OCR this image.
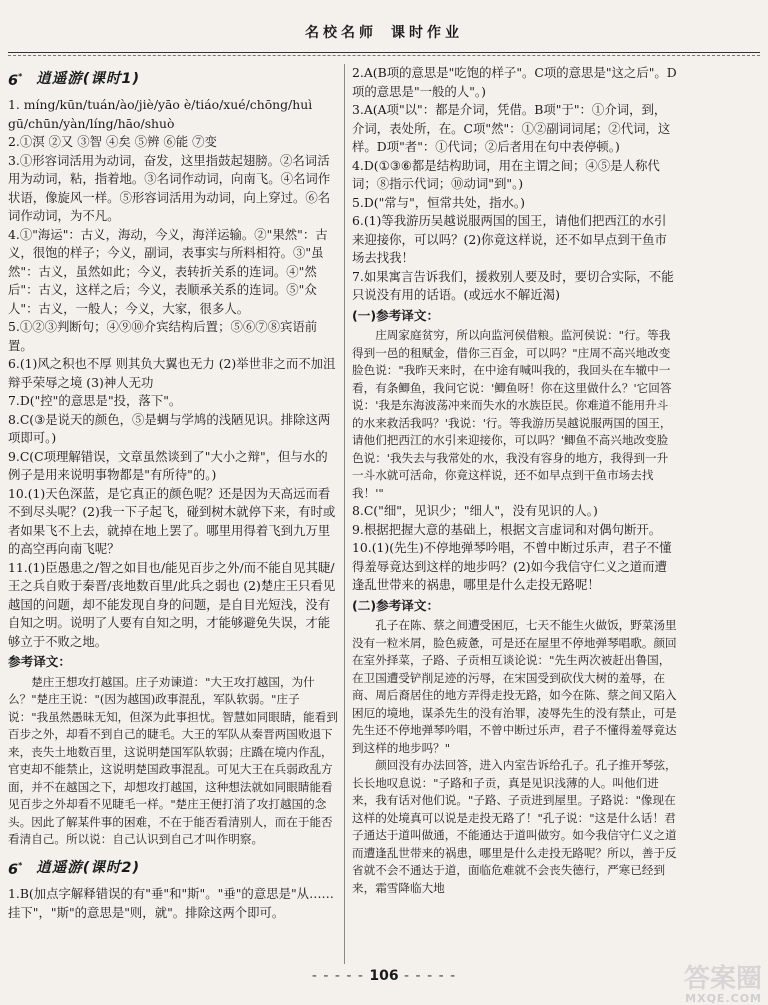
名校名师 课时作业
6* 逍遥游(课时1)

1. míng/kūn/tuán/ào/jiè/yāo è/tiáo/xué/chōng/huì gū/chūn/yàn/líng/hāo/shuò

2.①溟 ②又 ③智 ④矣 ⑤辨 ⑥能 ⑦变

3.①形容词活用为动词，奋发，这里指鼓起翅膀。②名词活用为动词，粘，指着地。③名词作动词，向南飞。④名词作状语，像旋风一样。⑤形容词活用为动词，向上穿过。⑥名词作动词，为不凡。

4.①"海运"：古义，海动，今义，海洋运输。②"果然"：古义，很饱的样子；今义，副词，表事实与所料相符。③"虽然"：古义，虽然如此；今义，表转折关系的连词。④"然后"：古义，这样之后；今义，表顺承关系的连词。⑤"众人"：古义，一般人；今义，大家，很多人。

5.①②③判断句；④⑨⑩介宾结构后置；⑤⑥⑦⑧宾语前置。

6.(1)风之积也不厚 则其负大翼也无力 (2)举世非之而不加沮 辩乎荣辱之境 (3)神人无功

7.D("控"的意思是"投，落下"。

8.C(③是说天的颜色，⑤是蜩与学鸠的浅陋见识。排除这两项即可。)

9.C(C项理解错误，文章虽然谈到了"大小之辩"，但与水的例子是用来说明事物都是"有所待"的。)

10.(1)天色深蓝，是它真正的颜色呢？还是因为天高远而看不到尽头呢？(2)我一下子起飞，碰到树木就停下来，有时或者如果飞不上去，就掉在地上罢了。哪里用得着飞到九万里的高空再向南飞呢？

11.(1)臣愚患之/智之如目也/能见百步之外/而不能自见其睫/王之兵自败于秦晋/丧地数百里/此兵之弱也 (2)楚庄王只看见越国的问题，却不能发现自身的问题，是自目光短浅，没有自知之明。说明了人要有自知之明，才能够避免失误，才能够立于不败之地。

参考译文：

楚庄王想攻打越国。庄子劝谏道："大王攻打越国，为什么？"楚庄王说："(因为越国)政事混乱，军队软弱。"庄子说："我虽然愚昧无知，但深为此事担忧。智慧如同眼睛，能看到百步之外，却看不到自己的睫毛。大王的军队从秦晋两国败退下来，丧失土地数百里，这说明楚国军队软弱；庄蹻在境内作乱，官吏却不能禁止，这说明楚国政事混乱。可见大王在兵弱政乱方面，并不在越国之下，却想攻打越国，这种想法就如同眼睛能看见百步之外却看不见睫毛一样。"楚庄王便打消了攻打越国的念头。因此了解某件事的困难，不在于能否看清别人，而在于能否看清自己。所以说：自己认识到自己才叫作明察。

6* 逍遥游(课时2)

1.B(加点字解释错误的有"垂"和"斯"。"垂"的意思是"从……挂下"，"斯"的意思是"则，就"。排除这两个即可。

2.A(B项的意思是"吃饱的样子"。C项的意思是"这之后"。D项的意思是"一般的人"。)

3.A(A项"以"：都是介词，凭借。B项"于"：①介词，到，介词，表处所，在。C项"然"：①②副词词尾；②代词，这样。D项"者"：①代词；②后者用在句中表停顿。)

4.D(①③⑥都是结构助词，用在主谓之间；④⑤是人称代词；⑧指示代词；⑩动词"到"。)

5.D("常与"，恒常共处，指水。)

6.(1)等我游历吴越说服两国的国王，请他们把西江的水引来迎接你，可以吗？(2)你竟这样说，还不如早点到干鱼市场去找我！

7.如果寓言告诉我们，援救别人要及时，要切合实际，不能只说没有用的话语。(或远水不解近渴)

(一)参考译文：

庄周家庭贫穷，所以向监河侯借粮。监河侯说："行。等我得到一邑的租赋金，借你三百金，可以吗？"庄周不高兴地改变脸色说："我昨天来时，在中途有喊叫我的，我回头在车辙中一看，有条鲫鱼，我问它说：'鲫鱼呀！你在这里做什么？'它回答说：'我是东海波荡冲来而失水的水族臣民。你难道不能用升斗的水来救活我吗？'我说：'行。等我游历吴越说服两国的国王，请他们把西江的水引来迎接你，可以吗？'鲫鱼不高兴地改变脸色说：'我失去与我常处的水，我没有容身的地方，我得到一升一斗水就可活命，你竟这样说，还不如早点到干鱼市场去找我！'"

8.C("细"，见识少；"细人"，没有见识的人。)

9.根据把握大意的基础上，根据文言虚词和对偶句断开。

10.(1)(先生)不停地弹琴吟唱，不曾中断过乐声，君子不懂得羞辱竟达到这样的地步吗？(2)如今我信守仁义之道而遭逢乱世带来的祸患，哪里是什么走投无路呢！

(二)参考译文：

孔子在陈、蔡之间遭受困厄，七天不能生火做饭，野菜汤里没有一粒米屑，脸色疲惫，可是还在屋里不停地弹琴唱歌。颜回在室外择菜，子路、子贡相互谈论说："先生两次被赶出鲁国，在卫国遭受铲削足迹的污辱，在宋国受到砍伐大树的羞辱，在商、周后裔居住的地方弄得走投无路，如今在陈、蔡之间又陷入困厄的境地，谋杀先生的没有治罪，凌辱先生的没有禁止，可是先生还不停地弹琴吟唱，不曾中断过乐声，君子不懂得羞辱竟达到这样的地步吗？"

颜回没有办法回答，进入内室告诉给孔子。孔子推开琴弦，长长地叹息说："子路和子贡，真是见识浅薄的人。叫他们进来，我有话对他们说。"子路、子贡进到屋里。子路说："像现在这样的处境真可以说是走投无路了！"孔子说："这是什么话！君子通达于道叫做通，不能通达于道叫做穷。如今我信守仁义之道而遭逢乱世带来的祸患，哪里是什么走投无路呢？所以，善于反省就不会不通达于道，面临危难就不会丧失德行，严寒已经到来，霜雪降临大地

- - - - - 106 - - - - -	答案圈
MXQE.COM
